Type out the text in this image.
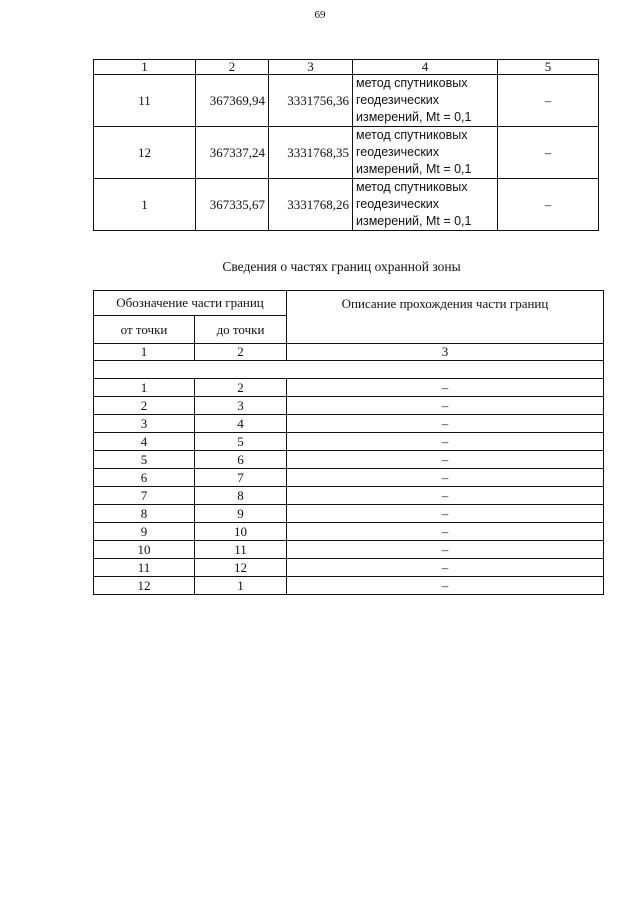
69
1	2	3	4	5
11	367369,94	3331756,36	метод спутниковых
геодезических
измерений, Mt = 0,1	–
12	367337,24	3331768,35	метод спутниковых
геодезических
измерений, Mt = 0,1	–
1	367335,67	3331768,26	метод спутниковых
геодезических
измерений, Mt = 0,1	–
Сведения о частях границ охранной зоны
Обозначение части границ		Описание прохождения части границ
от точки	до точки	
1	2	3

1	2	–
2	3	–
3	4	–
4	5	–
5	6	–
6	7	–
7	8	–
8	9	–
9	10	–
10	11	–
11	12	–
12	1	–
